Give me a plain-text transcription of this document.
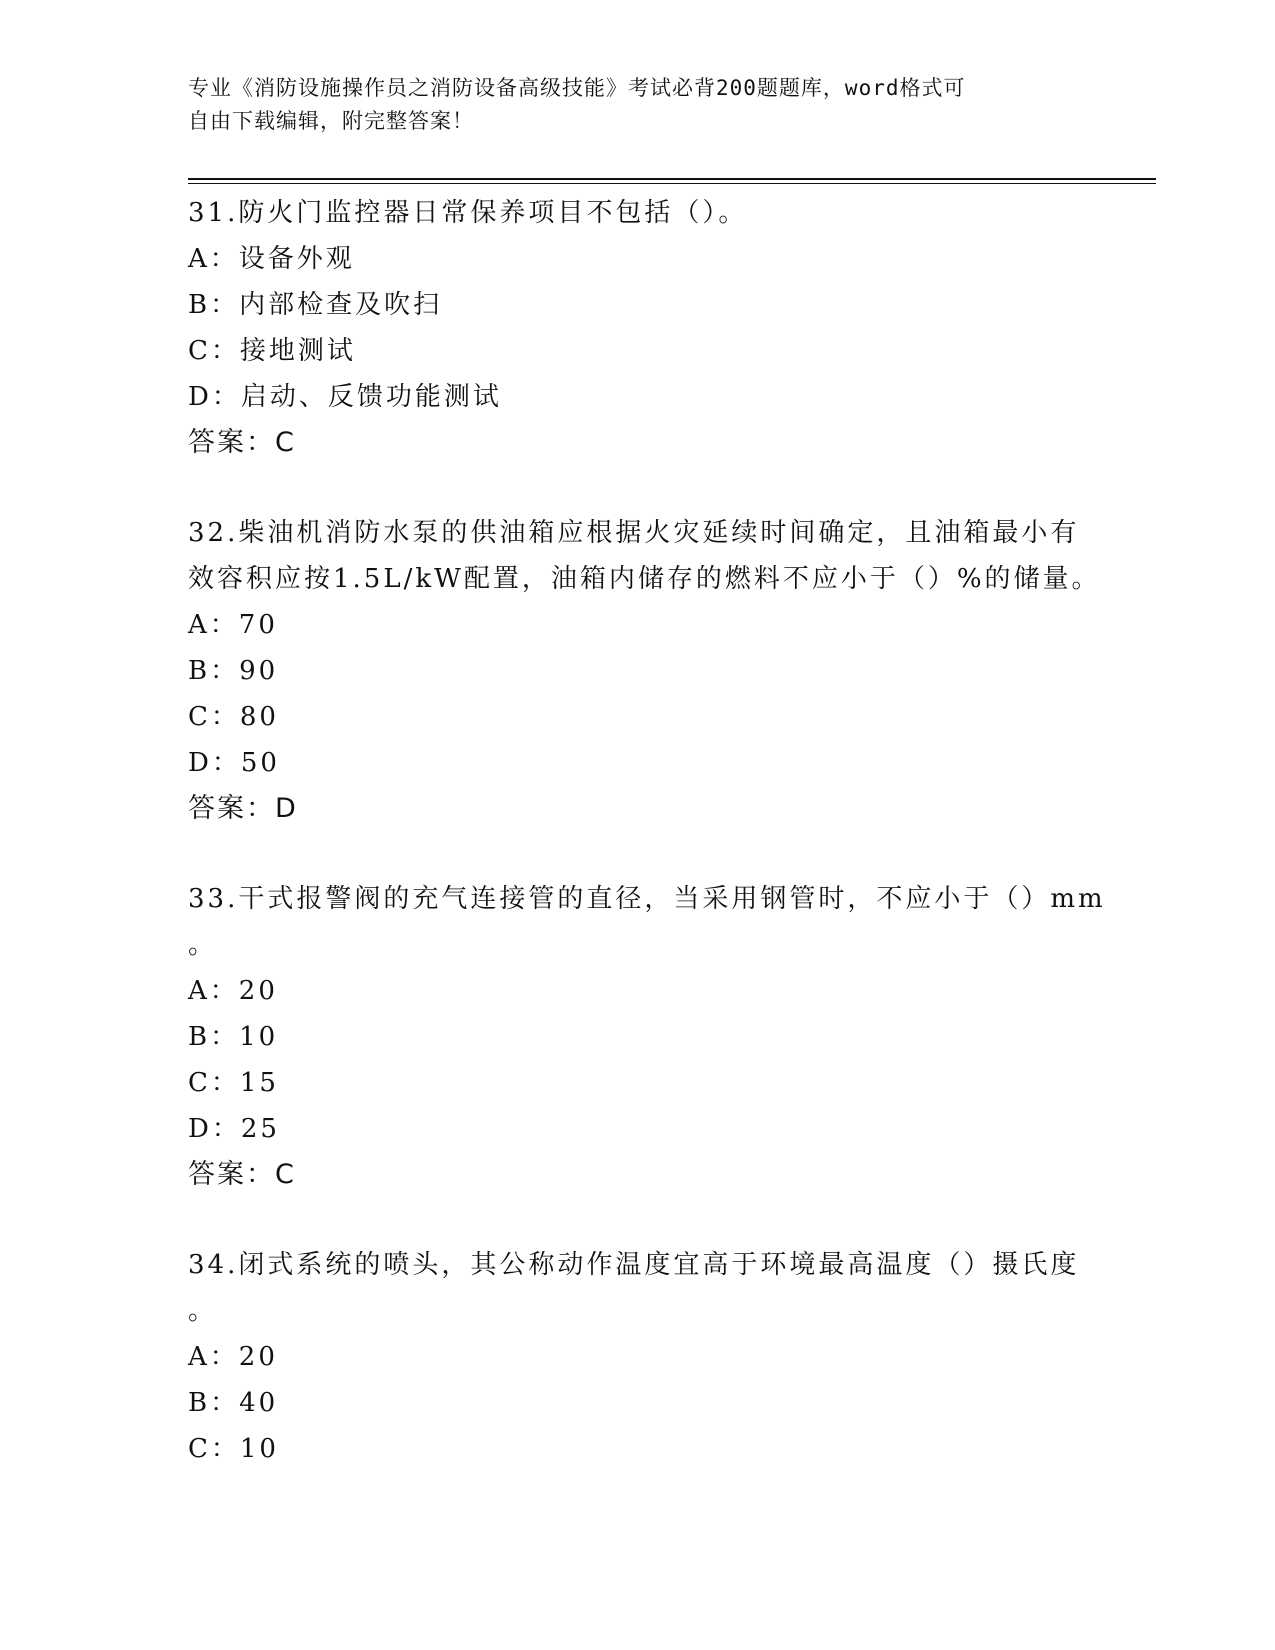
专业《消防设施操作员之消防设备高级技能》考试必背200题题库，word格式可
自由下载编辑，附完整答案！
31.防火门监控器日常保养项目不包括（）。
A：设备外观
B：内部检查及吹扫
C：接地测试
D：启动、反馈功能测试
答案：C
32.柴油机消防水泵的供油箱应根据火灾延续时间确定，且油箱最小有
效容积应按1.5L/kW配置，油箱内储存的燃料不应小于（）%的储量。
A：70
B：90
C：80
D：50
答案：D
33.干式报警阀的充气连接管的直径，当采用钢管时，不应小于（）mm
。
A：20
B：10
C：15
D：25
答案：C
34.闭式系统的喷头，其公称动作温度宜高于环境最高温度（）摄氏度
。
A：20
B：40
C：10
